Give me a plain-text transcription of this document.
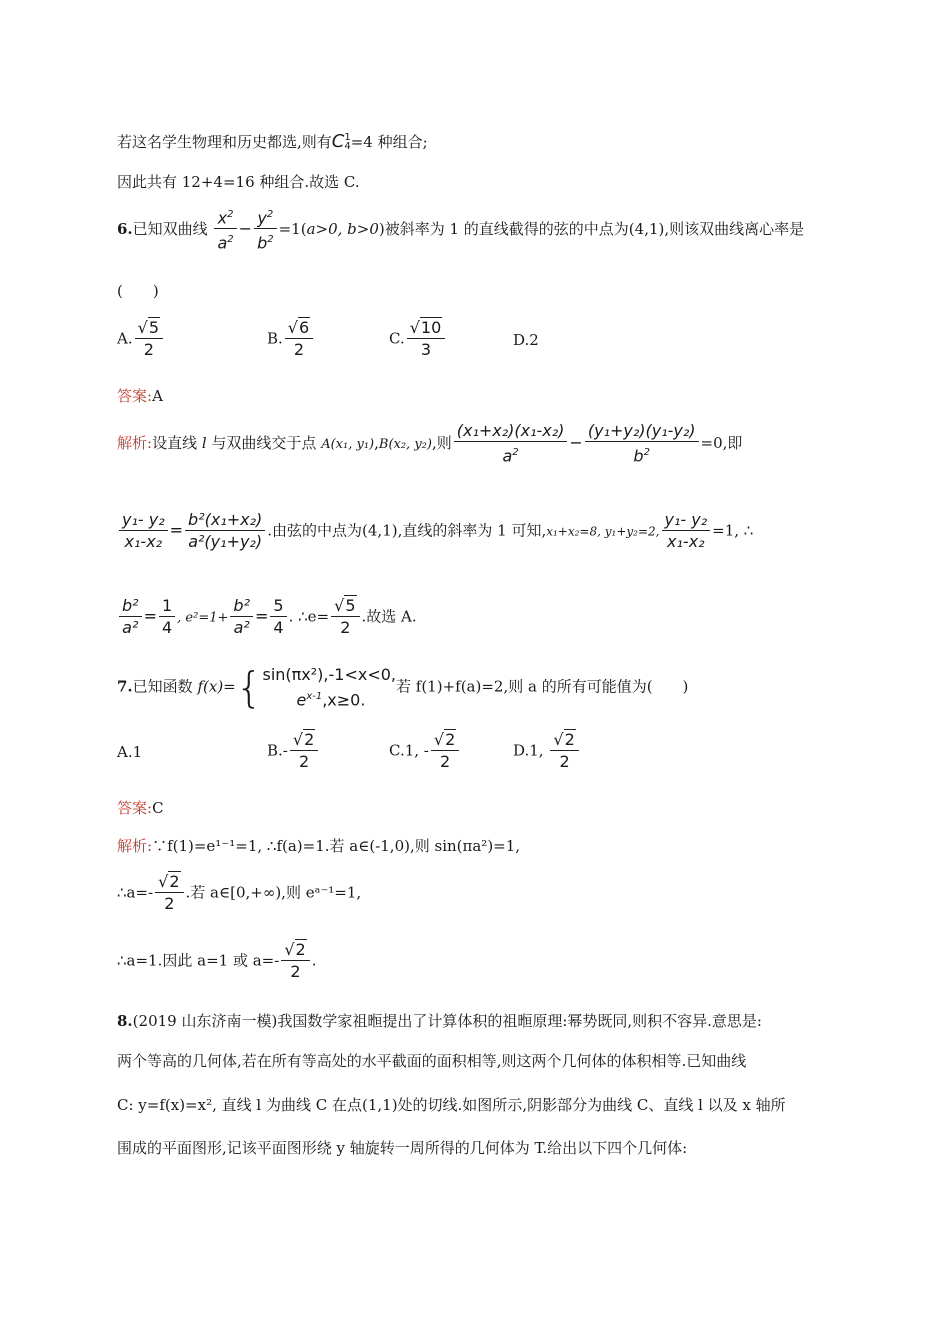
若这名学生物理和历史都选,则有C 1
4 =4 种组合;
因此共有 12+4=16 种组合.故选 C.
6.已知双曲线 $\frac{x^2}{a^2} - \frac{y^2}{b^2} =1(a>0$, b>0)被斜率为 1 的直线截得的弦的中点为(4,1),则该双曲线离心率是
(　　)
A. $\frac{√5}{2}$	B. $\frac{√6}{2}$	C. $\frac{√10}{3}$	D.2
答案:A
解析:设直线 l 与双曲线交于点 A(x₁, y₁),B(x₂, y₂),则 $\frac{\text{(x₁+x₂)(x₁-x₂)}}{a^2} - \frac{\text{(y₁+y₂)(y₁-y₂)}}{b^2} =0$,即
$\frac{\text{y₁- y₂}}{\text{x₁-x₂}} = \frac{\text{b²(x₁+x₂)}}{\text{a²(y₁+y₂)}}$ .由弦的中点为(4,1),直线的斜率为 1 可知,x₁+x₂=8, y₁+y₂=2, $\frac{\text{y₁- y₂}}{\text{x₁-x₂}} =1$, ∴
$\frac{\text{b²}}{\text{a²}} = \frac{1}{4}$ , $e^2=1+ \frac{\text{b²}}{\text{a²}} = \frac{5}{4}$ . ∴e= $\frac{√5}{2}$ .故选 A.
7.已知函数 f(x)={ sin(πx²),-1<x<0,
$e^{x-1},x\ge 0$.
若 f(1)+f(a)=2,则 a 的所有可能值为(　　)
A.1	$B.- \frac{√2}{2}$	C.1, - $\frac{√2}{2}$	D.1, $\frac{√2}{2}$
答案:C
解析:∵f(1)=e¹⁻¹=1, ∴f(a)=1.若 a∈(-1,0),则 sin(πa²)=1,
∴a=- $\frac{√2}{2}$ .若 a∈[0,+∞),则 eᵃ⁻¹=1,
∴a=1.因此 a=1 或 $a=- \frac{√2}{2}$ .
8.(2019 山东济南一模)我国数学家祖暅提出了计算体积的祖暅原理:幂势既同,则积不容异.意思是:
两个等高的几何体,若在所有等高处的水平截面的面积相等,则这两个几何体的体积相等.已知曲线
C: y=f(x)=x², 直线 l 为曲线 C 在点(1,1)处的切线.如图所示,阴影部分为曲线 C、直线 l 以及 x 轴所
围成的平面图形,记该平面图形绕 y 轴旋转一周所得的几何体为 T.给出以下四个几何体:
